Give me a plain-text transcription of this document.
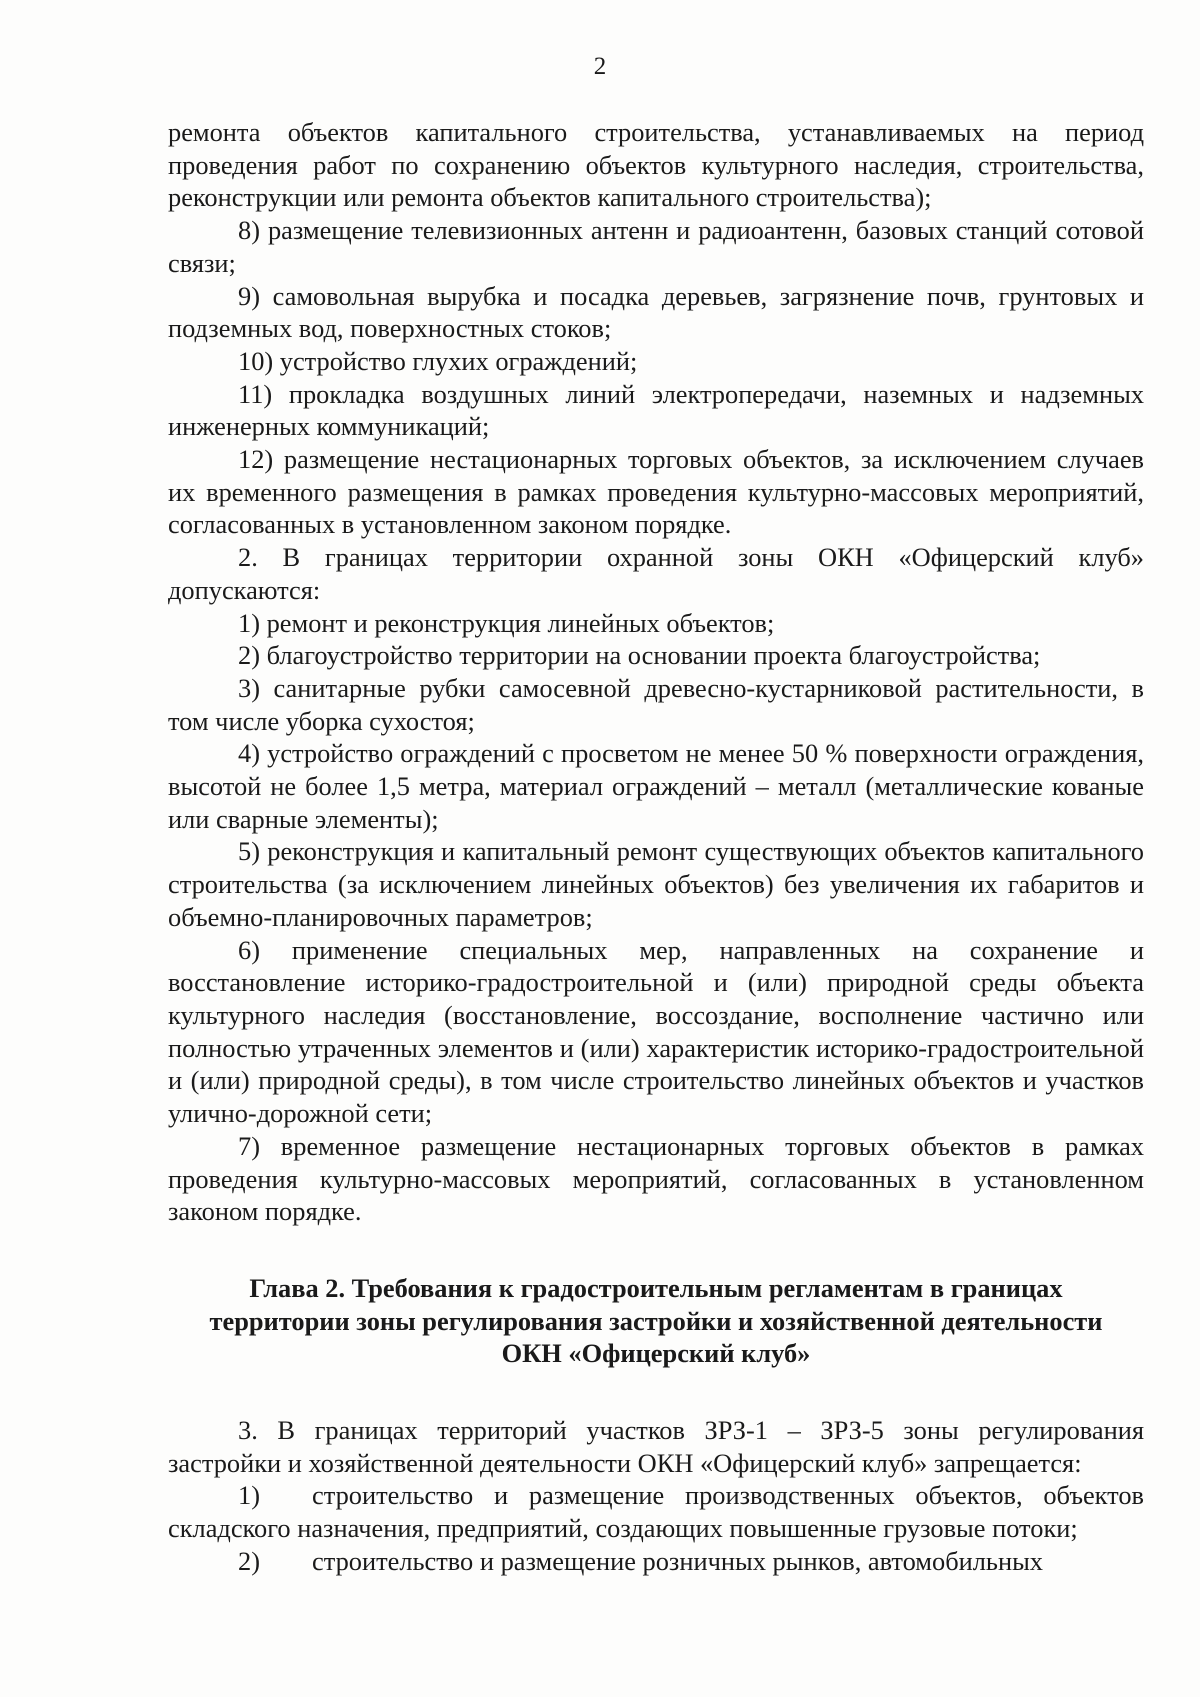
2

ремонта объектов капитального строительства, устанавливаемых на период проведения работ по сохранению объектов культурного наследия, строительства, реконструкции или ремонта объектов капитального строительства);

8) размещение телевизионных антенн и радиоантенн, базовых станций сотовой связи;

9) самовольная вырубка и посадка деревьев, загрязнение почв, грунтовых и подземных вод, поверхностных стоков;

10) устройство глухих ограждений;

11) прокладка воздушных линий электропередачи, наземных и надземных инженерных коммуникаций;

12) размещение нестационарных торговых объектов, за исключением случаев их временного размещения в рамках проведения культурно-массовых мероприятий, согласованных в установленном законом порядке.

2. В границах территории охранной зоны ОКН «Офицерский клуб» допускаются:

1) ремонт и реконструкция линейных объектов;

2) благоустройство территории на основании проекта благоустройства;

3) санитарные рубки самосевной древесно-кустарниковой растительности, в том числе уборка сухостоя;

4) устройство ограждений с просветом не менее 50 % поверхности ограждения, высотой не более 1,5 метра, материал ограждений – металл (металлические кованые или сварные элементы);

5) реконструкция и капитальный ремонт существующих объектов капитального строительства (за исключением линейных объектов) без увеличения их габаритов и объемно-планировочных параметров;

6) применение специальных мер, направленных на сохранение и восстановление историко-градостроительной и (или) природной среды объекта культурного наследия (восстановление, воссоздание, восполнение частично или полностью утраченных элементов и (или) характеристик историко-градостроительной и (или) природной среды), в том числе строительство линейных объектов и участков улично-дорожной сети;

7) временное размещение нестационарных торговых объектов в рамках проведения культурно-массовых мероприятий, согласованных в установленном законом порядке.

Глава 2. Требования к градостроительным регламентам в границах
территории зоны регулирования застройки и хозяйственной деятельности
ОКН «Офицерский клуб»

3. В границах территорий участков ЗРЗ-1 – ЗРЗ-5 зоны регулирования застройки и хозяйственной деятельности ОКН «Офицерский клуб» запрещается:

1) строительство и размещение производственных объектов, объектов складского назначения, предприятий, создающих повышенные грузовые потоки;

2) строительство и размещение розничных рынков, автомобильных
